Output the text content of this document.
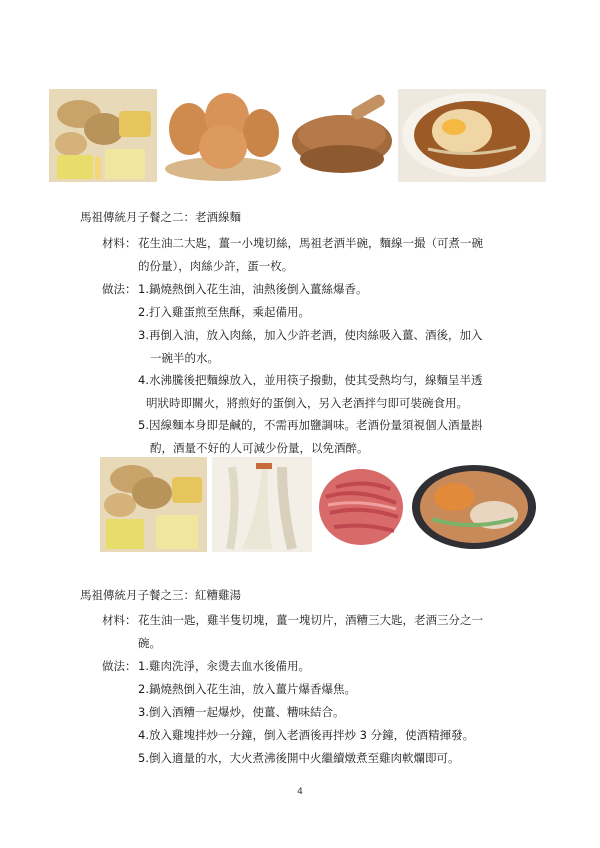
馬祖傳統月子餐之二：老酒線麵
材料： 花生油二大匙，薑一小塊切絲，馬祖老酒半碗，麵線一撮（可煮一碗
的份量），肉絲少許，蛋一枚。
做法： 1.鍋燒熱倒入花生油，油熱後倒入薑絲爆香。
2.打入雞蛋煎至焦酥，乘起備用。
3.再倒入油，放入肉絲，加入少許老酒，使肉絲吸入薑、酒後，加入
一碗半的水。
4.水沸騰後把麵線放入，並用筷子撥動，使其受熱均勻，線麵呈半透
明狀時即關火，將煎好的蛋倒入，另入老酒拌勻即可裝碗食用。
5.因線麵本身即是鹹的，不需再加鹽調味。老酒份量須視個人酒量斟
酌，酒量不好的人可減少份量，以免酒醉。
馬祖傳統月子餐之三：紅糟雞湯
材料： 花生油一匙，雞半隻切塊，薑一塊切片，酒糟三大匙，老酒三分之一
碗。
做法： 1.雞肉洗淨，汆燙去血水後備用。
2.鍋燒熱倒入花生油，放入薑片爆香爆焦。
3.倒入酒糟一起爆炒，使薑、糟味結合。
4.放入雞塊拌炒一分鐘，倒入老酒後再拌炒 3 分鐘，使酒精揮發。
5.倒入適量的水，大火煮沸後開中火繼續燉煮至雞肉軟爛即可。
4
